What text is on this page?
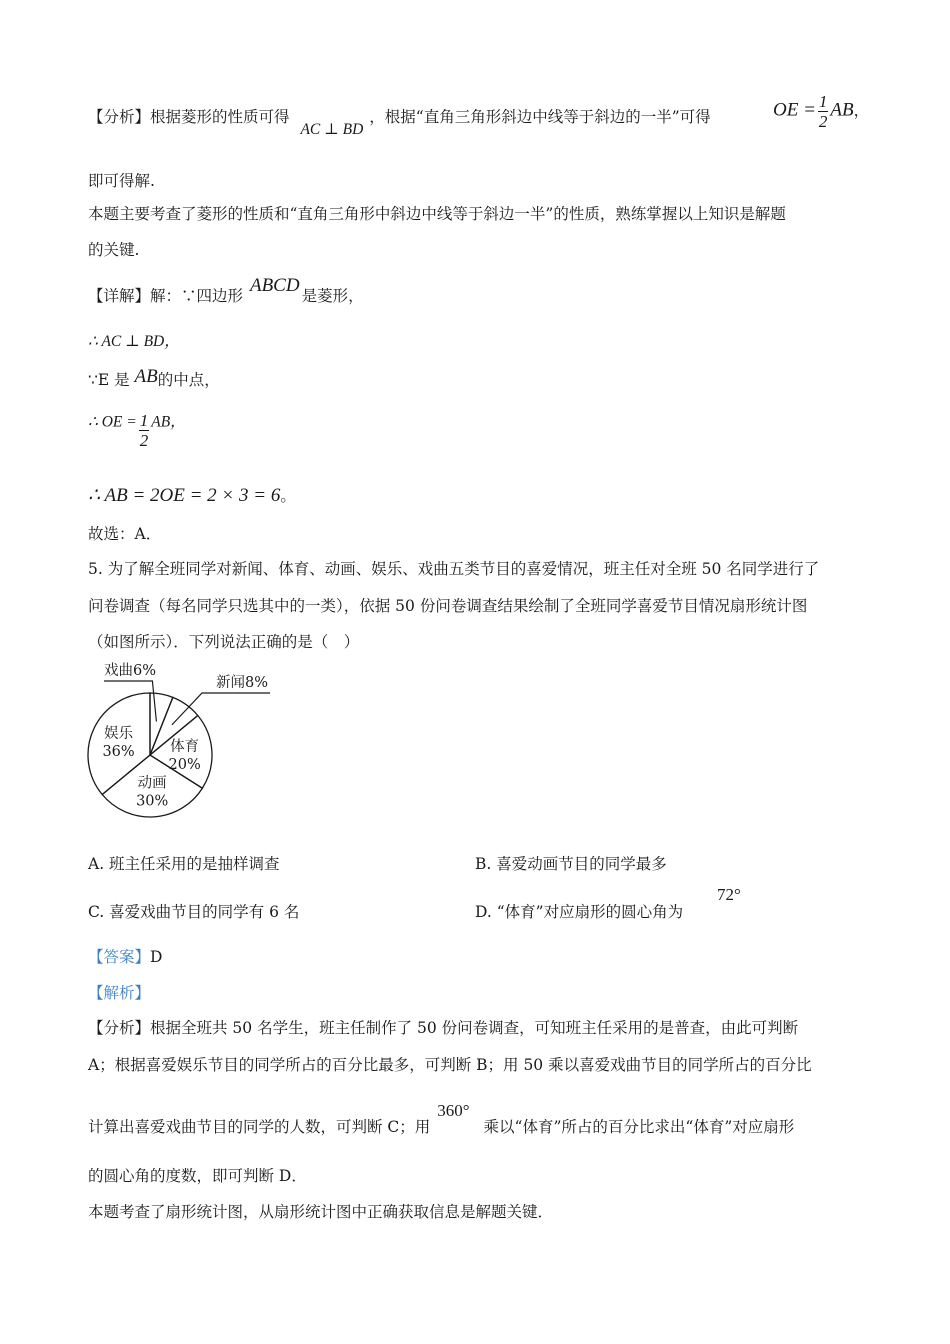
【分析】根据菱形的性质可得 AC ⊥ BD，根据“直角三角形斜边中线等于斜边的一半”可得	OE = $\frac{1}{2}$ AB，
即可得解.
本题主要考查了菱形的性质和“直角三角形中斜边中线等于斜边一半”的性质，熟练掌握以上知识是解题
的关键.
【详解】解：∵四边形 ABCD 是菱形，
∴ AC ⊥ BD，
∵E 是 AB的中点，
∴ OE = $\frac{1}{2}$ AB，
∴ AB = 2OE = 2 × 3 = 6。
故选：A．
5. 为了解全班同学对新闻、体育、动画、娱乐、戏曲五类节目的喜爱情况，班主任对全班 50 名同学进行了
问卷调查（每名同学只选其中的一类），依据 50 份问卷调查结果绘制了全班同学喜爱节目情况扇形统计图
（如图所示）．下列说法正确的是（　）
戏曲6%
新闻8%
体育
20%
动画
30%
娱乐
36%
A. 班主任采用的是抽样调查	B. 喜爱动画节目的同学最多
C. 喜爱戏曲节目的同学有 6 名	D. “体育”对应扇形的圆心角为
72°
【答案】D
【解析】
【分析】根据全班共 50 名学生，班主任制作了 50 份问卷调查，可知班主任采用的是普查，由此可判断
A；根据喜爱娱乐节目的同学所占的百分比最多，可判断 B；用 50 乘以喜爱戏曲节目的同学所占的百分比
计算出喜爱戏曲节目的同学的人数，可判断 C；用 360°乘以“体育”所占的百分比求出“体育”对应扇形
的圆心角的度数，即可判断 D．
本题考查了扇形统计图，从扇形统计图中正确获取信息是解题关键．
